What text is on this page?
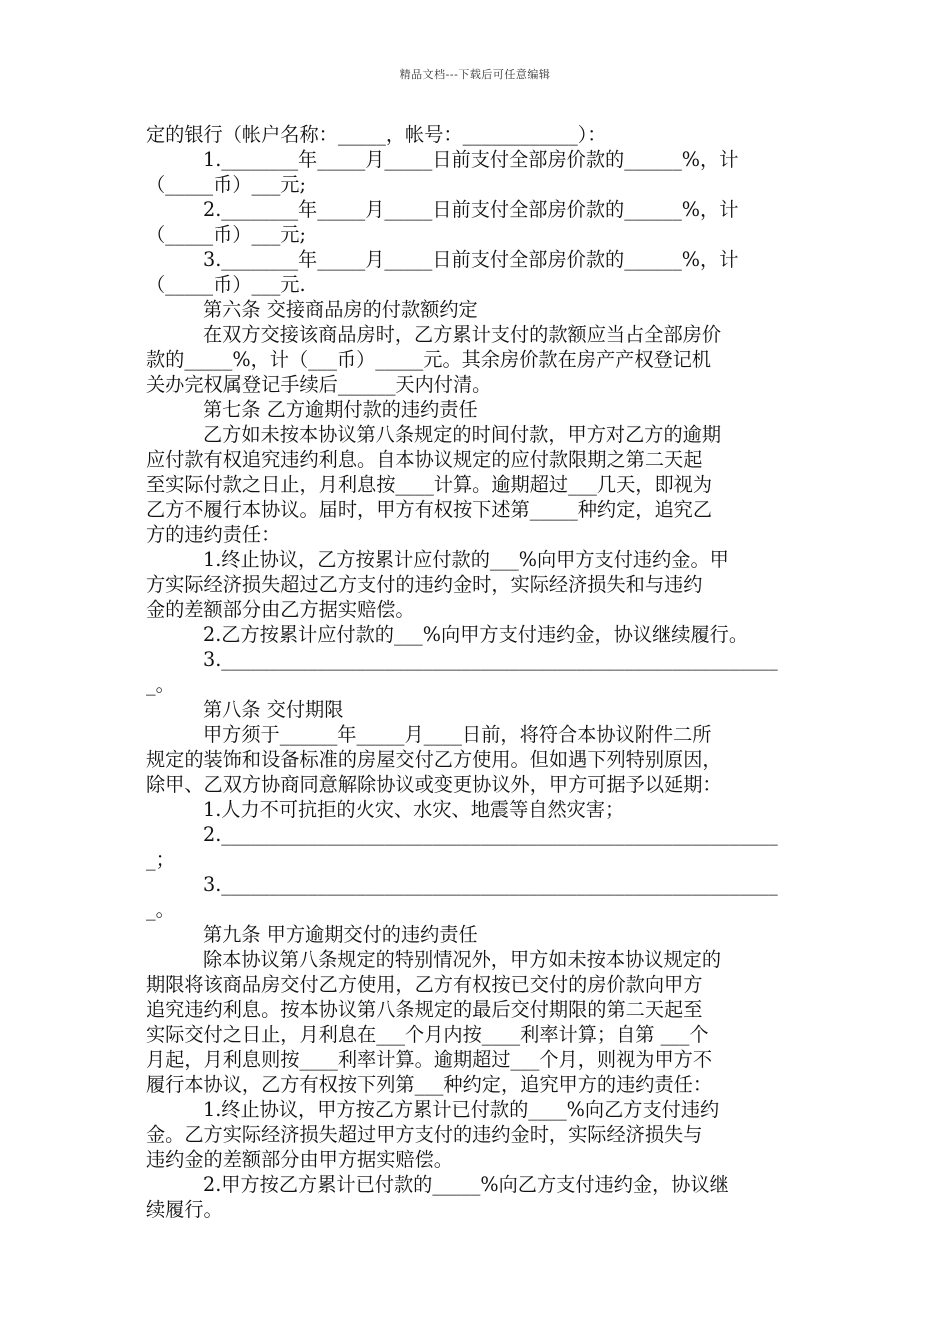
精品文档---下载后可任意编辑
定的银行（帐户名称：_____，帐号：____________）：
1.________年_____月_____日前支付全部房价款的______%，计
（_____币）___元;
2.________年_____月_____日前支付全部房价款的______%，计
（_____币）___元;
3.________年_____月_____日前支付全部房价款的______%，计
（_____币）___元.
第六条 交接商品房的付款额约定
在双方交接该商品房时，乙方累计支付的款额应当占全部房价
款的_____%，计（___币）_____元。其余房价款在房产产权登记机
关办完权属登记手续后______天内付清。
第七条 乙方逾期付款的违约责任
乙方如未按本协议第八条规定的时间付款，甲方对乙方的逾期
应付款有权追究违约利息。自本协议规定的应付款限期之第二天起
至实际付款之日止，月利息按____计算。逾期超过___几天，即视为
乙方不履行本协议。届时，甲方有权按下述第_____种约定，追究乙
方的违约责任：
1.终止协议，乙方按累计应付款的___%向甲方支付违约金。甲
方实际经济损失超过乙方支付的违约金时，实际经济损失和与违约
金的差额部分由乙方据实赔偿。
2.乙方按累计应付款的___%向甲方支付违约金，协议继续履行。
3.__________________________________________________________
_。
第八条 交付期限
甲方须于______年_____月____日前，将符合本协议附件二所
规定的装饰和设备标准的房屋交付乙方使用。但如遇下列特别原因，
除甲、乙双方协商同意解除协议或变更协议外，甲方可据予以延期：
1.人力不可抗拒的火灾、水灾、地震等自然灾害；
2.__________________________________________________________
_；
3.__________________________________________________________
_。
第九条 甲方逾期交付的违约责任
除本协议第八条规定的特别情况外，甲方如未按本协议规定的
期限将该商品房交付乙方使用，乙方有权按已交付的房价款向甲方
追究违约利息。按本协议第八条规定的最后交付期限的第二天起至
实际交付之日止，月利息在___个月内按____利率计算；自第 ___个
月起，月利息则按____利率计算。逾期超过___个月，则视为甲方不
履行本协议，乙方有权按下列第___种约定，追究甲方的违约责任：
1.终止协议，甲方按乙方累计已付款的____%向乙方支付违约
金。乙方实际经济损失超过甲方支付的违约金时，实际经济损失与
违约金的差额部分由甲方据实赔偿。
2.甲方按乙方累计已付款的_____%向乙方支付违约金，协议继
续履行。
